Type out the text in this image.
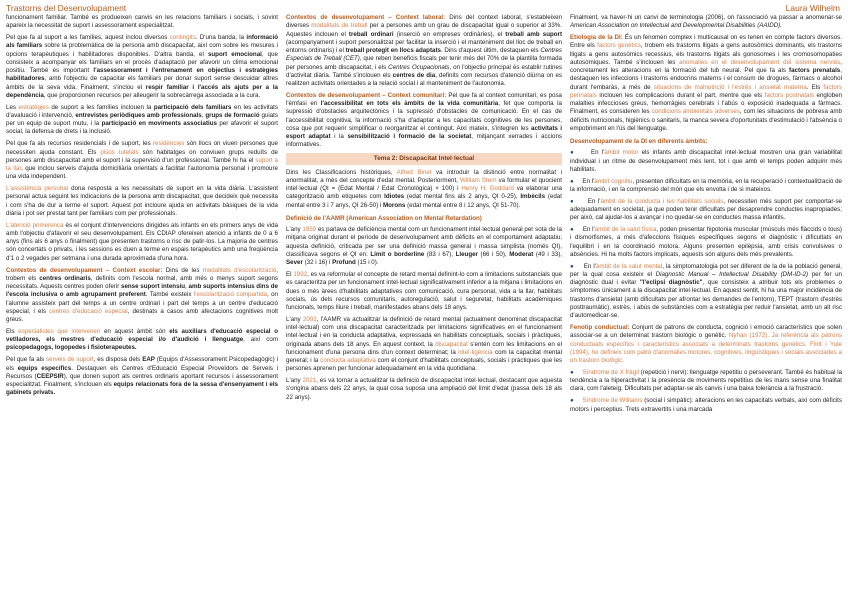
Trastorns del Desenvolupament	Laura Wilhelm
funcionament familiar. També es produeixen canvis en les relacions familiars i socials, i sovint apareix la necessitat de suport i assessorament especialitzat.
Pel que fa al suport a les famílies, aquest inclou diversos contingits. D'una banda, la informació als familiars sobre la problemàtica de la persona amb discapacitat, així com sobre les mesures i opcions terapèutiques i habilitadores disponibles. D'altra banda, el suport emocional, que consisteix a acompanyar els familiars en el procés d'adaptació per afavorir un clima emocional positiu. També és important l'assessorament i l'entrenament en objectius i estratègies habilitadores, amb l'objectiu de capacitar els familiars per donar suport sense descuidar altres àmbits de la seva vida. Finalment, s'inclou el respir familiar i l'accés als ajuts per a la dependència, que proporcionen recursos per alleugerir la sobrecàrrega associada a la cura.
Les estratègies de suport a les famílies inclouen la participació dels familiars en les activitats d'avaluació i intervenció, entrevistes periòdiques amb professionals, grups de formació guiats per un equip de suport mutu, i la participació en moviments associatius per afavorir el suport social, la defensa de drets i la inclusió.
Pel que fa als recursos residencials i de suport, les residències són llocs on viuen persones que necessiten ajuda constant. Els pisos tutelats són habitatges on conviuen grups reduïts de persones amb discapacitat amb el suport i la supervisió d'un professional. També hi ha el suport a la llar, que inclou serveis d'ajuda domiciliària orientats a facilitar l'autonomia personal i promoure una vida independent.
L'assistència personal dona resposta a les necessitats de suport en la vida diària. L'assistent personal actua seguint les indicacions de la persona amb discapacitat, que decideix què necessita i com s'ha de dur a terme el suport. Aquest pot incloure ajuda en activitats bàsiques de la vida diària i pot ser prestat tant per familiars com per professionals.
L'atenció primerenca és el conjunt d'intervencions dirigides als infants en els primers anys de vida amb l'objectiu d'afavorir el seu desenvolupament. Els CDIAP ofereixen atenció a infants de 0 a 6 anys (fins als 6 anys o finalment) que presenten trastorns o risc de patir-los. La majoria de centres són concertats o privats, i les sessions es duen a terme en espais terapèutics amb una freqüència d'1 o 2 vegades per setmana i una durada aproximada d'una hora.
Contextos de desenvolupament – Context escolar: Dins de les modalitats d'escolarització, trobem els centres ordinaris, definits com l'escola normal, amb més o menys suport segons necessitats. Aquests centres poden oferir sense suport intensiu, amb suports intensius dins de l'escola inclusiva o amb agrupament preferent. També existeix l'escolarització compartida, on l'alumne assisteix part del temps a un centre ordinari i part del temps a un centre d'educació especial, i els centres d'educació especial, destinats a casos amb afectacions cognitives molt greus.
Els especialistes que intervenen en aquest àmbit són els auxiliars d'educació especial o vetlladores, els mestres d'educació especial i/o d'audició i llenguatge, així com psicopedagogs, logopedes i fisioterapeutes.
Pel que fa als serveis de suport, es disposa dels EAP (Equips d'Assessorament Psicopedagògic) i els equips específics. Destaquen els Centres d'Educació Especial Proveïdors de Serveis i Recursos (CEEPSIR), que donen suport als centres ordinaris aportant recursos i assessorament especialitzat. Finalment, s'inclouen els equips relacionats fora de la sessa d'ensenyament i els gabinets privats.
Contextos de desenvolupament – Context laboral: Dins del context laboral, s'estableixen diverses modalitats de treball per a persones amb un grau de discapacitat igual o superior al 33%. Aquestes inclouen el treball ordinari (inserció en empreses ordinàries), el treball amb suport (acompanyament i suport personalitzat per facilitar la inserció i el manteniment del lloc de treball en entorns ordinaris) i el treball protegit en llocs adaptats. Dins d'aquest últim, destaquen els Centres Especials de Treball (CET), que reben beneficis fiscals per tenir més del 70% de la plantilla formada per persones amb discapacitat, i els Centres Ocupacionals, on l'objectiu principal és establir rutines d'activitat diària. També s'inclouen els centres de dia, definits com recursos d'atenció diürna on es realitzen activitats orientades a la relació social i al manteniment de l'autonomia.
Contextos de desenvolupament – Context comunitari: Pel que fa al context comunitari, es posa l'èmfasi en l'accessibilitat en tots els àmbits de la vida comunitària, fet que comporta la supressió d'obstacles arquitectònics i la supressió d'obstacles de comunicació. En el cas de l'accessibilitat cognitiva, la informació s'ha d'adaptar a les capacitats cognitives de les persones, cosa que pot requerir simplificar o reorganitzar el contingut. Així mateix, s'integren les activitats i esport adaptat i la sensibilització i formació de la societat, mitjançant xerrades i accions informatives.
Tema 2: Discapacitat Intel·lectual
Dins les Classificacions històriques, Alfred Binet va introduir la distinció entre normalitat i anormalitat, a més del concepte d'edat mental. Posteriorment, William Stern va formular el quocient intel·lectual (QI = (Edat Mental / Edat Cronològica) × 100) i Henry H. Goddard va elaborar una categorització amb etiquetes com Idiotes (edat mental fins als 2 anys, QI 0-25), Imbècils (edat mental entre 3 i 7 anys, QI 26-50) i Morons (edat mental entre 8 i 12 anys, QI 51-70).
Definició de l'AAMR (American Association on Mental Retardation)
L'any 1959 es parlava de deficiència mental com un funcionament intel·lectual general per sota de la mitjana originat durant el període de desenvolupament amb dèficits en el comportament adaptatiu; aquesta definició, criticada per ser una definició massa general i massa simplista (només QI), classificava segons el QI en: Límit o borderline (83 i 67), Lleuger (66 i 50), Moderat (49 i 33), Sever (32 i 16) i Profund (15 i 0).
El 1992, es va reformular el concepte de retard mental definint-lo com a limitacions substancials que es caracteritza per un funcionament intel·lectual significativament inferior a la mitjana i limitacions en dues o més àrees d'habilitats adaptatives com comunicació, cura personal, vida a la llar, habilitats socials, ús dels recursos comunitaris, autoregulació, salut i seguretat, habilitats acadèmiques funcionals, temps lliure i treball, manifestades abans dels 18 anys.
L'any 2002, l'AAMR va actualitzar la definició de retard mental (actualment denominat discapacitat intel·lectual) com una discapacitat caracteritzada per limitacions significatives en el funcionament intel·lectual i en la conducta adaptativa, expressada en habilitats conceptuals, socials i pràctiques, originada abans dels 18 anys. En aquest context, la discapacitat s'entén com les limitacions en el funcionament d'una persona dins d'un context determinat; la intel·ligència com la capacitat mental general; i la conducta adaptativa com el conjunt d'habilitats conceptuals, socials i pràctiques que les persones aprenen per funcionar adequadament en la vida quotidiana.
L'any 2021, es va tornar a actualitzar la definició de discapacitat intel·lectual, destacant que aquesta s'origina abans dels 22 anys, la qual cosa suposa una ampliació del límit d'edat (passa dels 18 als 22 anys).
Finalment, va haver-hi un canvi de terminologia (2006), on l'associació va passar a anomenar-se American Association on Intellectual and Developmental Disabilities (AAIDD).
Etiologia de la DI: És un fenomen complex i multicausal on es tenen en compte factors diversos. Entre els factors genètics, trobem els trastorns lligats a gens autosòmics dominants, els trastorns lligats a gens autosòmics recessius, els trastorns lligats als gonosomes i les cromosomopaties autosòmiques. També s'inclouen les anomalies en el desenvolupament del sistema nerviós, concretament les alteracions en la formació del tub neural. Pel que fa als factors prenatals, destaquen les infeccions i trastorns endocrins materns i el consum de drogues, fàrmacs o alcohol durant l'embaràs, a més de situacions de malnutrició i l'estrès i ansietat materna. Els factors perinatals inclouen les complicacions durant el part, mentre que els factors postnatals engloben malalties infeccioses greus, hemorràgies cerebrals i l'abús o exposició inadequada a fàrmacs. Finalment, es consideren les condicions ambientals adverses, com les situacions de pobresa amb dèficits nutricionals, higiènics o sanitaris, la manca severa d'oportunitats d'estimulació i l'absència o empobriment en l'ús del llenguatge.
Desenvolupament de la DI en diferents àmbits:
●     En l'àmbit motor els infants amb discapacitat intel·lectual mostren una gran variabilitat individual i un ritme de desenvolupament més lent, tot i que amb el temps poden adquirir més habilitats.
●     En l'àmbit cognitiu, presenten dificultats en la memòria, en la recuperació i contextualització de la informació, i en la comprensió del món que els envolta i de si mateixos.
●     En l'àmbit de la conducta i les habilitats socials, necessiten més suport per comportar-se adequadament en societat, ja que poden tenir dificultats per desaprendre conductes inapropiades; per això, cal ajudar-los a avançar i no quedar-se en conductes massa infantils.
●     En l'àmbit de la salut física, poden presentar hipotonia muscular (músculs més flàccids o tous) i dismorfismes, a més d'afeccions físiques específiques segons el diagnòstic i dificultats en l'equilibri i en la coordinació motora. Alguns presenten epilèpsia, amb crisis convulsives o absències. Hi ha molts factors implicats, aquests són alguns dels més prevalents.
●     En l'àmbit de la salut mental, la simptomatologia pot ser diferent de la de la població general, per la qual cosa existeix el Diagnostic Manual – Intellectual Disability (DM-ID-2) per fer un diagnòstic dual i evitar "l'eclipsi diagnòstic", que consisteix a atribuir tots els problemes o símptomes únicament a la discapacitat intel·lectual. En aquest sentit, hi ha una major incidència de trastorns d'ansietat (amb dificultats per afrontar les demandes de l'entorn), TEPT (trastorn d'estrès posttraumàtic), estrès, i abús de substàncies com a estratègia per reduir l'ansietat, amb un alt risc d'automedicar-se.
Fenotip conductual: Conjunt de patrons de conducta, cognició i emoció característics que solen associar-se a un determinat trastorn biològic o genètic. Nyhan (1972). Ja referència als patrons conductuals específics i característics associats a determinats trastorns genètics. Flint i Yule (1994), ho defineix com patró d'anomalies motores, cognitives, lingüístiques i socials associades a un trastorn biològic.
●     Síndrome de X fràgil (repetició i nervi): llenguatge repetitiu o perseverant. També és habitual la tendència a la hiperactivitat i la presència de moviments repetitius de les mans sense una finalitat clara, com l'aleteig. Dificultats per adaptar-se als canvis i una baixa tolerància a la frustració.
●     Síndrome de Williams (social i simpàtic): alteracions en les capacitats verbals, així com dèficits motors i perceptius. Trets extravertits i una marcada
